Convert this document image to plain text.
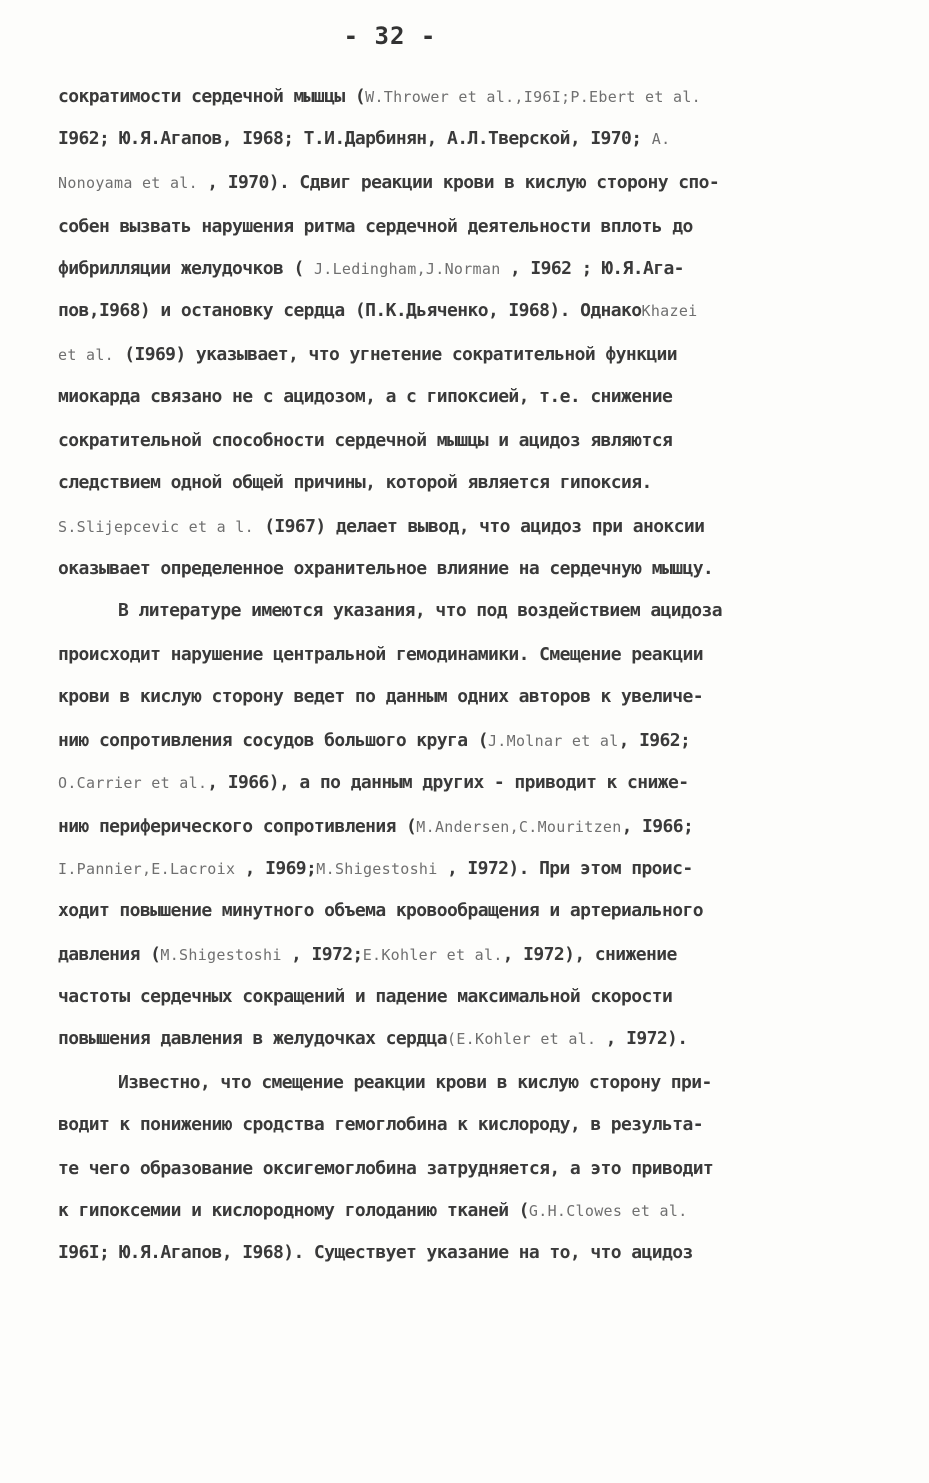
- 32 -
сократимости сердечной мышцы (W.Thrower et al.,I96I;P.Ebert et al.
I962; Ю.Я.Агапов, I968; Т.И.Дарбинян, А.Л.Тверской, I970; A.
Nonoyama et al. , I970). Сдвиг реакции крови в кислую сторону спо-
собен вызвать нарушения ритма сердечной деятельности вплоть до
фибрилляции желудочков ( J.Ledingham,J.Norman , I962 ; Ю.Я.Ага-
пов,I968) и остановку сердца (П.К.Дьяченко, I968). ОднакоKhazei
et al. (I969) указывает, что угнетение сократительной функции
миокарда связано не с ацидозом, а с гипоксией, т.е. снижение
сократительной способности сердечной мышцы и ацидоз являются
следствием одной общей причины, которой является гипоксия.
S.Slijepcevic et a l. (I967) делает вывод, что ацидоз при аноксии
оказывает определенное охранительное влияние на сердечную мышцу.
В литературе имеются указания, что под воздействием ацидоза
происходит нарушение центральной гемодинамики. Смещение реакции
крови в кислую сторону ведет по данным одних авторов к увеличе-
нию сопротивления сосудов большого круга (J.Molnar et al, I962;
O.Carrier et al., I966), а по данным других - приводит к сниже-
нию периферического сопротивления (M.Andersen,C.Mouritzen, I966;
I.Pannier,E.Lacroix , I969;M.Shigestoshi , I972). При этом проис-
ходит повышение минутного объема кровообращения и артериального
давления (M.Shigestoshi , I972;E.Kohler et al., I972), снижение
частоты сердечных сокращений и падение максимальной скорости
повышения давления в желудочках сердца(E.Kohler et al. , I972).
Известно, что смещение реакции крови в кислую сторону при-
водит к понижению сродства гемоглобина к кислороду, в результа-
те чего образование оксигемоглобина затрудняется, а это приводит
к гипоксемии и кислородному голоданию тканей (G.H.Clowes et al.
I96I; Ю.Я.Агапов, I968). Существует указание на то, что ацидоз
